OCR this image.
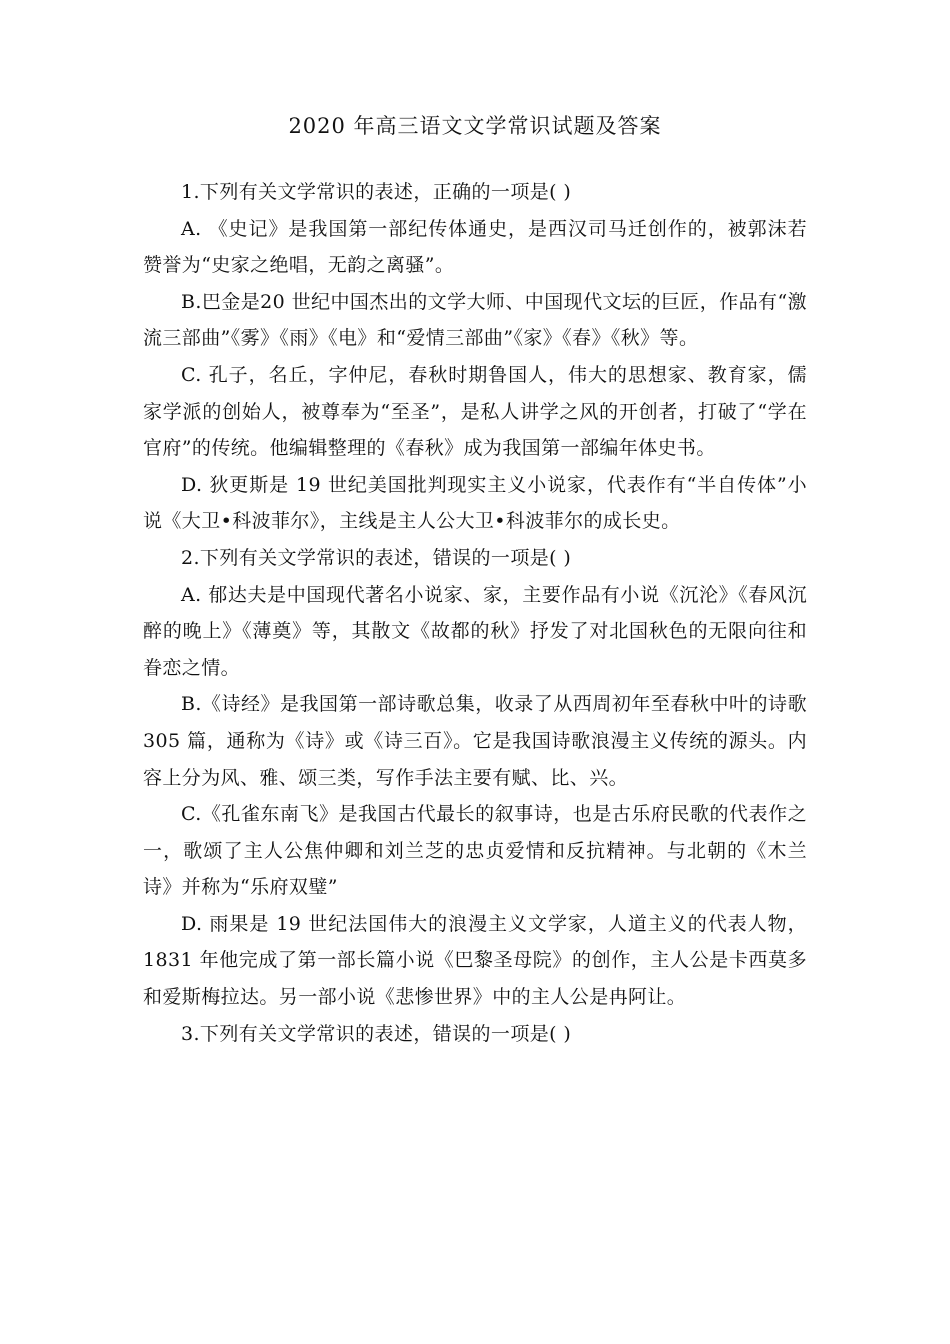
2020 年高三语文文学常识试题及答案

1.下列有关文学常识的表述，正确的一项是( )

A. 《史记》是我国第一部纪传体通史，是西汉司马迁创作的，被郭沫若赞誉为“史家之绝唱，无韵之离骚”。

B.巴金是20 世纪中国杰出的文学大师、中国现代文坛的巨匠，作品有“激流三部曲”《雾》《雨》《电》和“爱情三部曲”《家》《春》《秋》等。

C. 孔子，名丘，字仲尼，春秋时期鲁国人，伟大的思想家、教育家，儒家学派的创始人，被尊奉为“至圣”，是私人讲学之风的开创者，打破了“学在官府”的传统。他编辑整理的《春秋》成为我国第一部编年体史书。

D. 狄更斯是 19 世纪美国批判现实主义小说家，代表作有“半自传体”小说《大卫•科波菲尔》，主线是主人公大卫•科波菲尔的成长史。

2.下列有关文学常识的表述，错误的一项是( )

A. 郁达夫是中国现代著名小说家、家，主要作品有小说《沉沦》《春风沉醉的晚上》《薄奠》等，其散文《故都的秋》抒发了对北国秋色的无限向往和眷恋之情。

B.《诗经》是我国第一部诗歌总集，收录了从西周初年至春秋中叶的诗歌 305 篇，通称为《诗》或《诗三百》。它是我国诗歌浪漫主义传统的源头。内容上分为风、雅、颂三类，写作手法主要有赋、比、兴。

C.《孔雀东南飞》是我国古代最长的叙事诗，也是古乐府民歌的代表作之一，歌颂了主人公焦仲卿和刘兰芝的忠贞爱情和反抗精神。与北朝的《木兰诗》并称为“乐府双璧”

D. 雨果是 19 世纪法国伟大的浪漫主义文学家，人道主义的代表人物， 1831 年他完成了第一部长篇小说《巴黎圣母院》的创作，主人公是卡西莫多和爱斯梅拉达。另一部小说《悲惨世界》中的主人公是冉阿让。

3.下列有关文学常识的表述，错误的一项是( )
